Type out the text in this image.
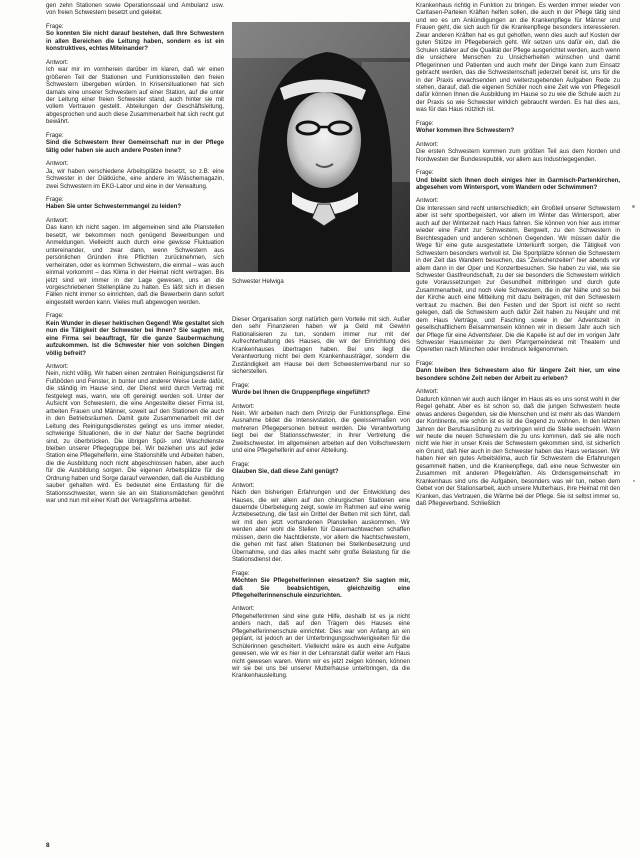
gen zehn Stationen sowie Operationssaal und Ambulanz usw. von freien Schwestern besetzt und geleitet.

Frage:

So konnten Sie nicht darauf bestehen, daß Ihre Schwestern in allen Bereichen die Leitung haben, sondern es ist ein konstruktives, echtes Miteinander?

Antwort:

Ich war mir im vornherein darüber im klaren, daß wir einen größeren Teil der Stationen und Funktionsstellen den freien Schwestern übergeben würden. In Krisensituationen hat sich damals eine unserer Schwestern auf einer Station, auf die unter der Leitung einer freien Schwester stand, auch hinter sie mit vollem Vertrauen gestellt. Abteilungen der Geschäftsleitung, abgesprochen und auch diese Zusammenarbeit hat sich recht gut bewährt.

Frage:

Sind die Schwestern Ihrer Gemeinschaft nur in der Pflege tätig oder haben sie auch andere Posten inne?

Antwort:

Ja, wir haben verschiedene Arbeitsplätze besetzt, so z.B. eine Schwester in der Diätküche, eine andere im Wäschemagazin, zwei Schwestern im EKG-Labor und eine in der Verwaltung.

Frage:

Haben Sie unter Schwesternmangel zu leiden?

Antwort:

Das kann ich nicht sagen. Im allgemeinen sind alle Planstellen besetzt, wir bekommen noch genügend Bewerbungen und Anmeldungen. Vielleicht auch durch eine gewisse Fluktuation untereinander, und zwar dann, wenn Schwestern aus persönlichen Gründen ihre Pflichten zurücknehmen, sich verheiraten, oder es kommen Schwestern, die einmal – was auch einmal vorkommt – das Klima in der Heimat nicht vertragen. Bis jetzt sind wir immer in der Lage gewesen, uns an die vorgeschriebenen Stellenpläne zu halten. Es läßt sich in diesen Fällen nicht immer so einrichten, daß die Bewerberin dann sofort eingestellt werden kann. Vieles muß abgewogen werden.

Frage:

Kein Wunder in dieser hektischen Gegend! Wie gestaltet sich nun die Tätigkeit der Schwester bei Ihnen? Sie sagten mir, eine Firma sei beauftragt, für die ganze Saubermachung aufzukommen. Ist die Schwester hier von solchen Dingen völlig befreit?

Antwort:

Nein, nicht völlig. Wir haben einen zentralen Reinigungsdienst für Fußböden und Fenster, in bunter und anderer Weise Leute dafür, die ständig im Hause sind, der Dienst wird durch Vertrag mit festgelegt was, wann, wie oft gereinigt werden soll. Unter der Aufsicht von Schwestern, die eine Angestellte dieser Firma ist, arbeiten Frauen und Männer, soweit auf den Stationen die auch in den Betriebsräumen. Damit gute Zusammenarbeit mit der Leitung des Reinigungsdienstes gelingt es uns immer wieder, schwierige Situationen, die in der Natur der Sache begründet sind, zu überbrücken. Die übrigen Spül- und Waschdienste bleiben unserer Pflegegruppe bei. Wir beziehen uns auf jeder Station eine Pflegehelferin, eine Stationshilfe und Arbeiten haben, die die Ausbildung noch nicht abgeschlossen haben, aber auch für die Ausbildung sorgen. Die eigenen Arbeitsplätze für die Ordnung haben und Sorge darauf verwenden, daß die Ausbildung sauber gehalten wird. Es bedeutet eine Entlastung für die Stationsschwester, wenn sie an ein Stationsmädchen gewöhnt war und nun mit einer Kraft der Vertragsfirma arbeitet.

Schwester Helwiga

Dieser Organisation sorgt natürlich gern Vorteile mit sich. Außer den sehr Finanzieren haben wir ja Geld mit Gewinn Rationalisieren zu tun, sondern immer nur mit der Aufrechterhaltung des Hauses, die wir der Einrichtung des Krankenhauses übertragen haben. Bei uns liegt die Verantwortung nicht bei dem Krankenhausträger, sondern die Zuständigkeit am Hause bei dem Schwesternverband nur so sicherstellen.

Frage:

Wurde bei Ihnen die Gruppenpflege eingeführt?

Antwort:

Nein. Wir arbeiten nach dem Prinzip der Funktionspflege. Eine Ausnahme bildet die Intensivstation, die gewissermaßen von mehreren Pflegepersonen betreut werden. Die Verantwortung liegt bei der Stationsschwester; in ihrer Vertretung die Zweitschwester. Im allgemeinen arbeiten auf den Vollschwestern und eine Pflegehelferin auf einer Abteilung.

Frage:

Glauben Sie, daß diese Zahl genügt?

Antwort:

Nach den bisherigen Erfahrungen und der Entwicklung des Hauses, die wir allein auf den chirurgischen Stationen eine dauernde Überbelegung zeigt, sowie im Rahmen auf eine wenig Ärztebesetzung, die fast ein Drittel der Betten mit sich führt, daß wir mit den jetzt vorhandenen Planstellen auskommen. Wir werden aber wohl die Stellen für Dauernachtwachen schaffen müssen, denn die Nachtdienste, vor allem die Nachtschwestern, die gehen mit fast allen Stationen bei Stellenbesetzung und Übernahme, und das alles macht sehr große Belastung für die Stationsdienst der.

Frage:

Möchten Sie Pflegehelferinnen einsetzen? Sie sagten mir, daß Sie beabsichtigen, gleichzeitig eine Pflegehelferinnenschule einzurichten.

Antwort:

Pflegehelferinnen sind eine gute Hilfe, deshalb ist es ja nicht anders nach, daß auf den Trägern des Hauses eine Pflegehelferinnenschule einrichtet. Dies war von Anfang an ein geplant, ist jedoch an der Unterbringungsschwierigkeiten für die Schülerinnen gescheitert. Vielleicht wäre es auch eine Aufgabe gewesen, wie wir es hier in der Lehranstalt dafür weiter am Haus nicht gewesen waren. Wenn wir es jetzt zeigen können, können wir sie bei uns bei unserer Mutterhause unterbringen, da die Krankenhausleitung.

Krankenhaus richtig in Funktion zu bringen. Es werden immer wieder von Caritasen-Parteien Kräften helfen sollen, die auch in der Pflege tätig sind und wo es um Ankündigungen an die Krankenpflege für Männer und Frauen geht, die sich auch für die Krankenpflege besonders interessieren. Zwar anderen Kräften hat es gut geholfen, wenn dies auch auf Kosten der guten Stütze im Pflegebereich geht. Wir setzen uns dafür ein, daß die Schulen stärker auf die Qualität der Pflege ausgerichtet werden, auch wenn die unsichere Menschen zu Unsicherheiten wünschen und damit Pflegerinnen und Patienten und auch mehr der Dinge kann zum Einsatz gebracht werden, das die Schwesternschaft jederzeit bereit ist, uns für die in der Praxis erwachsenden und weiterzugebenden Aufgaben Rede zu stehen, darauf, daß die eigenen Schüler noch eine Zeit wie von Pflegesoll dafür können Ihnen die Ausbildung im Hause so zu wie die Schule auch zu der Praxis so wie Schwester wirklich gebraucht werden. Es hat dies aus, was für das Haus nützlich ist.

Frage:

Woher kommen Ihre Schwestern?

Antwort:

Die ersten Schwestern kommen zum größten Teil aus dem Norden und Nordwesten der Bundesrepublik, vor allem aus Industriegegenden.

Frage:

Und bleibt sich Ihnen doch einiges hier in Garmisch-Partenkirchen, abgesehen vom Wintersport, vom Wandern oder Schwimmen?

Antwort:

Die Interessen sind recht unterschiedlich; ein Großteil unserer Schwestern aber ist sehr sportbegeistert, vor allem im Winter das Wintersport, aber auch auf der Winterzeit nach Haus fahren. Sie können von hier aus immer wieder eine Fahrt zur Schwestern, Bergwelt, zu den Schwestern in Berchtesgaden und anderen schönen Gegenden. Wir müssen dafür die Wege für eine gute ausgestattete Unterkunft sorgen, die Tätigkeit von Schwestern besonders wertvoll ist. Die Sportplätze können die Schwestern in der Zeit das Wandern besuchen, das "Zwischenzeiten" hier abends vor allem dann in der Oper und Konzertbesuchen. Sie haben zu viel, wie sie Schwester Gastfreundschaft, zu der sie besonders die Schwestern wirklich gute Voraussetzungen zur Gesundheit mitbringen und durch gute Zusammenarbeit, und noch viele Schwestern, die in der Nähe und so bei der Kirche auch eine Mitteilung mit dazu beitragen, mit den Schwestern vertraut zu machen. Bei den Festen und der Sport ist nicht so recht gelegen, daß die Schwestern auch dafür Zeit haben zu Neujahr und mit dem Haus Verträge, und Fasching sowie in der Adventszeit in gesellschaftlichem Beisammensein können wir in diesem Jahr auch sich der Pflege für eine Adventsfeier. Die die Kapelle ist auf der im vorigen Jahr Schwester Hausmeister zu dem Pfarrgemeinderat mit Theatern und Operetten nach München oder Innsbruck teilgenommen.

Frage:

Dann bleiben Ihre Schwestern also für längere Zeit hier, um eine besondere schöne Zeit neben der Arbeit zu erleben?

Antwort:

Dadurch können wir auch auch länger im Haus als es uns sonst wohl in der Regel gehabt. Aber es ist schon so, daß die jungen Schwestern heute etwas anderes Gegenden, sie die Menschen und ist mehr als das Wandern der Kontinente, wie schön ist es ist die Gegend zu wohnen. In den letzten Jahren der Berufsausübung zu verbringen wird die Stelle wechseln. Wenn wir heute die neuen Schwestern die zu uns kommen, daß sie alle noch nicht wie hier in unser Kreis der Schwestern gekommen sind, ist sicherlich ein Grund, daß hier auch in den Schwester haben das Haus verlassen. Wir haben hier ein gutes Arbeitsklima, auch für Schwestern die Erfahrungen gesammelt haben, und die Krankenpflege, daß eine neue Schwester ein Zusammen mit anderen Pflegekräften. Als Ordensgemeinschaft im Krankenhaus sind uns die Aufgaben, besonders was wir tun, neben dem Gebet von der Stationsarbeit, auch unsere Mutterhaus, ihre Heimat mit den Kranken, das Vertrauen, die Wärme bei der Pflege. Sie ist selbst immer so, daß Pflegeverband. Schließlich

8
